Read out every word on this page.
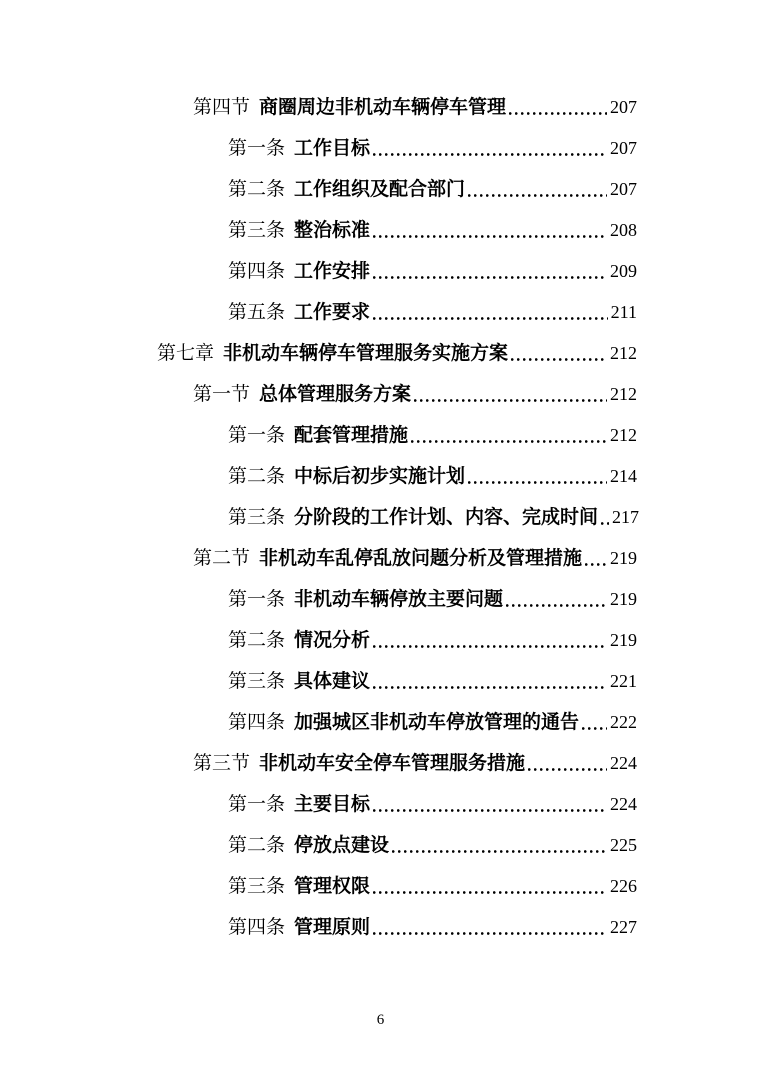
第四节 商圈周边非机动车辆停车管理	207
第一条 工作目标	207
第二条 工作组织及配合部门	207
第三条 整治标准	208
第四条 工作安排	209
第五条 工作要求	211
第七章 非机动车辆停车管理服务实施方案	212
第一节 总体管理服务方案	212
第一条 配套管理措施	212
第二条 中标后初步实施计划	214
第三条 分阶段的工作计划、内容、完成时间 217
第二节 非机动车乱停乱放问题分析及管理措施 219
第一条 非机动车辆停放主要问题	219
第二条 情况分析	219
第三条 具体建议	221
第四条 加强城区非机动车停放管理的通告 222
第三节 非机动车安全停车管理服务措施	224
第一条 主要目标	224
第二条 停放点建设	225
第三条 管理权限	226
第四条 管理原则	227
6
